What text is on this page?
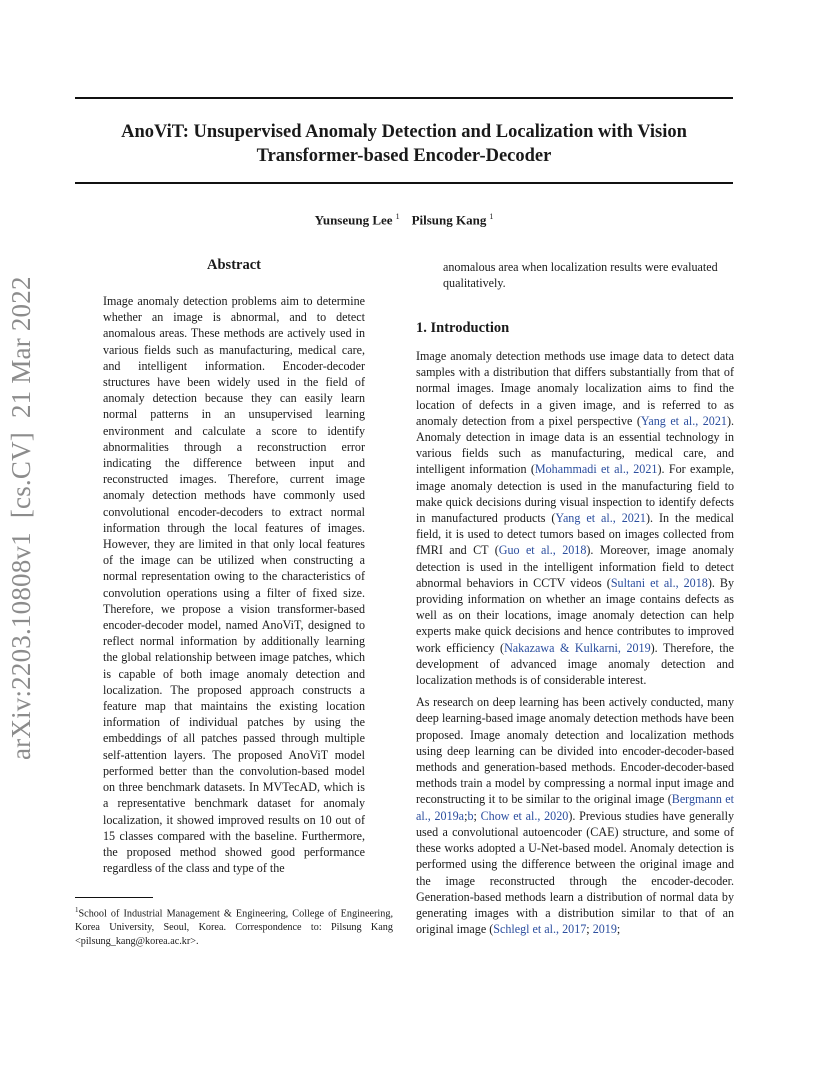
AnoViT: Unsupervised Anomaly Detection and Localization with Vision
Transformer-based Encoder-Decoder
Yunseung Lee $^1$ Pilsung Kang $^1$
arXiv:2203.10808v1[cs.CV]21 Mar 2022
Abstract
Image anomaly detection problems aim to determine whether an image is abnormal, and to detect anomalous areas. These methods are actively used in various fields such as manufacturing, medical care, and intelligent information. Encoder-decoder structures have been widely used in the field of anomaly detection because they can easily learn normal patterns in an unsupervised learning environment and calculate a score to identify abnormalities through a reconstruction error indicating the difference between input and reconstructed images. Therefore, current image anomaly detection methods have commonly used convolutional encoder-decoders to extract normal information through the local features of images. However, they are limited in that only local features of the image can be utilized when constructing a normal representation owing to the characteristics of convolution operations using a filter of fixed size. Therefore, we propose a vision transformer-based encoder-decoder model, named AnoViT, designed to reflect normal information by additionally learning the global relationship between image patches, which is capable of both image anomaly detection and localization. The proposed approach constructs a feature map that maintains the existing location information of individual patches by using the embeddings of all patches passed through multiple self-attention layers. The proposed AnoViT model performed better than the convolution-based model on three benchmark datasets. In MVTecAD, which is a representative benchmark dataset for anomaly localization, it showed improved results on 10 out of 15 classes compared with the baseline. Furthermore, the proposed method showed good performance regardless of the class and type of the
$^1$School of Industrial Management & Engineering, College of Engineering, Korea University, Seoul, Korea. Correspondence to: Pilsung Kang <pilsung_kang@korea.ac.kr>.
anomalous area when localization results were evaluated qualitatively.
1. Introduction

Image anomaly detection methods use image data to detect data samples with a distribution that differs substantially from that of normal images. Image anomaly localization aims to find the location of defects in a given image, and is referred to as anomaly detection from a pixel perspective (Yang et al., 2021). Anomaly detection in image data is an essential technology in various fields such as manufacturing, medical care, and intelligent information (Mohammadi et al., 2021). For example, image anomaly detection is used in the manufacturing field to make quick decisions during visual inspection to identify defects in manufactured products (Yang et al., 2021). In the medical field, it is used to detect tumors based on images collected from fMRI and CT (Guo et al., 2018). Moreover, image anomaly detection is used in the intelligent information field to detect abnormal behaviors in CCTV videos (Sultani et al., 2018). By providing information on whether an image contains defects as well as on their locations, image anomaly detection can help experts make quick decisions and hence contributes to improved work efficiency (Nakazawa & Kulkarni, 2019). Therefore, the development of advanced image anomaly detection and localization methods is of considerable interest.

As research on deep learning has been actively conducted, many deep learning-based image anomaly detection methods have been proposed. Image anomaly detection and localization methods using deep learning can be divided into encoder-decoder-based methods and generation-based methods. Encoder-decoder-based methods train a model by compressing a normal input image and reconstructing it to be similar to the original image (Bergmann et al., 2019a;b; Chow et al., 2020). Previous studies have generally used a convolutional autoencoder (CAE) structure, and some of these works adopted a U-Net-based model. Anomaly detection is performed using the difference between the original image and the image reconstructed through the encoder-decoder. Generation-based methods learn a distribution of normal data by generating images with a distribution similar to that of an original image (Schlegl et al., 2017; 2019;
